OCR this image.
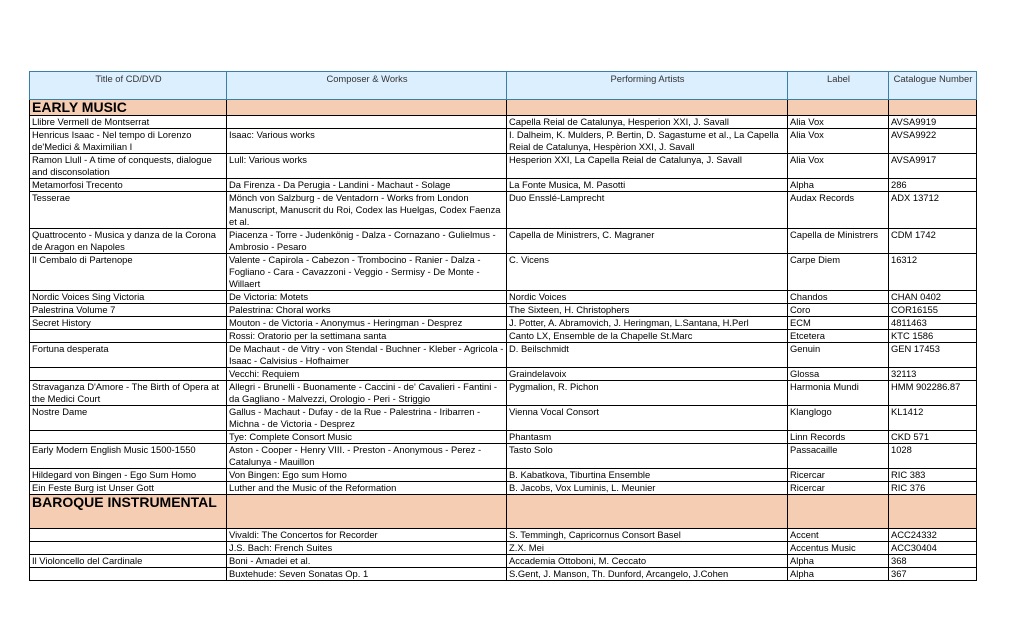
Title of CD/DVD	Composer & Works	Performing Artists	Label	Catalogue Number
EARLY MUSIC				
Llibre Vermell de Montserrat		Capella Reial de Catalunya, Hesperion XXI, J. Savall	Alia Vox	AVSA9919
Henricus Isaac - Nel tempo di Lorenzo de'Medici & Maximilian I	Isaac: Various works	I. Dalheim, K. Mulders, P. Bertin, D. Sagastume et al., La Capella Reial de Catalunya, Hespèrion XXI, J. Savall	Alia Vox	AVSA9922
Ramon Llull - A time of conquests, dialogue and disconsolation	Lull: Various works	Hesperion XXI, La Capella Reial de Catalunya, J. Savall	Alia Vox	AVSA9917
Metamorfosi Trecento	Da Firenza - Da Perugia - Landini - Machaut - Solage	La Fonte Musica, M. Pasotti	Alpha	286
Tesserae	Mönch von Salzburg - de Ventadorn - Works from London Manuscript, Manuscrit du Roi, Codex las Huelgas, Codex Faenza et al.	Duo Ensslé-Lamprecht	Audax Records	ADX 13712
Quattrocento - Musica y danza de la Corona de Aragon en Napoles	Piacenza - Torre - Judenkönig - Dalza - Cornazano - Gulielmus - Ambrosio - Pesaro	Capella de Ministrers, C. Magraner	Capella de Ministrers	CDM 1742
Il Cembalo di Partenope	Valente - Capirola - Cabezon - Trombocino - Ranier - Dalza - Fogliano - Cara - Cavazzoni - Veggio - Sermisy - De Monte - Willaert	C. Vicens	Carpe Diem	16312
Nordic Voices Sing Victoria	De Victoria: Motets	Nordic Voices	Chandos	CHAN 0402
Palestrina Volume 7	Palestrina: Choral works	The Sixteen, H. Christophers	Coro	COR16155
Secret History	Mouton - de Victoria - Anonymus - Heringman - Desprez	J. Potter, A. Abramovich, J. Heringman, L.Santana, H.Perl	ECM	4811463
	Rossi: Oratorio per la settimana santa	Canto LX, Ensemble de la Chapelle St.Marc	Etcetera	KTC 1586
Fortuna desperata	De Machaut - de Vitry - von Stendal - Buchner - Kleber - Agricola - Isaac - Calvisius - Hofhaimer	D. Beilschmidt	Genuin	GEN 17453
	Vecchi: Requiem	Graindelavoix	Glossa	32113
Stravaganza D'Amore - The Birth of Opera at the Medici Court	Allegri - Brunelli - Buonamente - Caccini - de' Cavalieri - Fantini - da Gagliano - Malvezzi, Orologio - Peri - Striggio	Pygmalion, R. Pichon	Harmonia Mundi	HMM 902286.87
Nostre Dame	Gallus - Machaut - Dufay - de la Rue - Palestrina - Iribarren - Michna - de Victoria - Desprez	Vienna Vocal Consort	Klanglogo	KL1412
	Tye: Complete Consort Music	Phantasm	Linn Records	CKD 571
Early Modern English Music 1500-1550	Aston - Cooper - Henry VIII. - Preston - Anonymous - Perez - Catalunya - Mauillon	Tasto Solo	Passacaille	1028
Hildegard von Bingen - Ego Sum Homo	Von Bingen: Ego sum Homo	B. Kabatkova, Tiburtina Ensemble	Ricercar	RIC 383
Ein Feste Burg ist Unser Gott	Luther and the Music of the Reformation	B. Jacobs, Vox Luminis, L. Meunier	Ricercar	RIC 376
BAROQUE INSTRUMENTAL				
	Vivaldi: The Concertos for Recorder	S. Temmingh, Capricornus Consort Basel	Accent	ACC24332
	J.S. Bach: French Suites	Z.X. Mei	Accentus Music	ACC30404
Il Violoncello del Cardinale	Boni - Amadei et al.	Accademia Ottoboni, M. Ceccato	Alpha	368
	Buxtehude: Seven Sonatas Op. 1	S.Gent, J. Manson, Th. Dunford, Arcangelo, J.Cohen	Alpha	367
